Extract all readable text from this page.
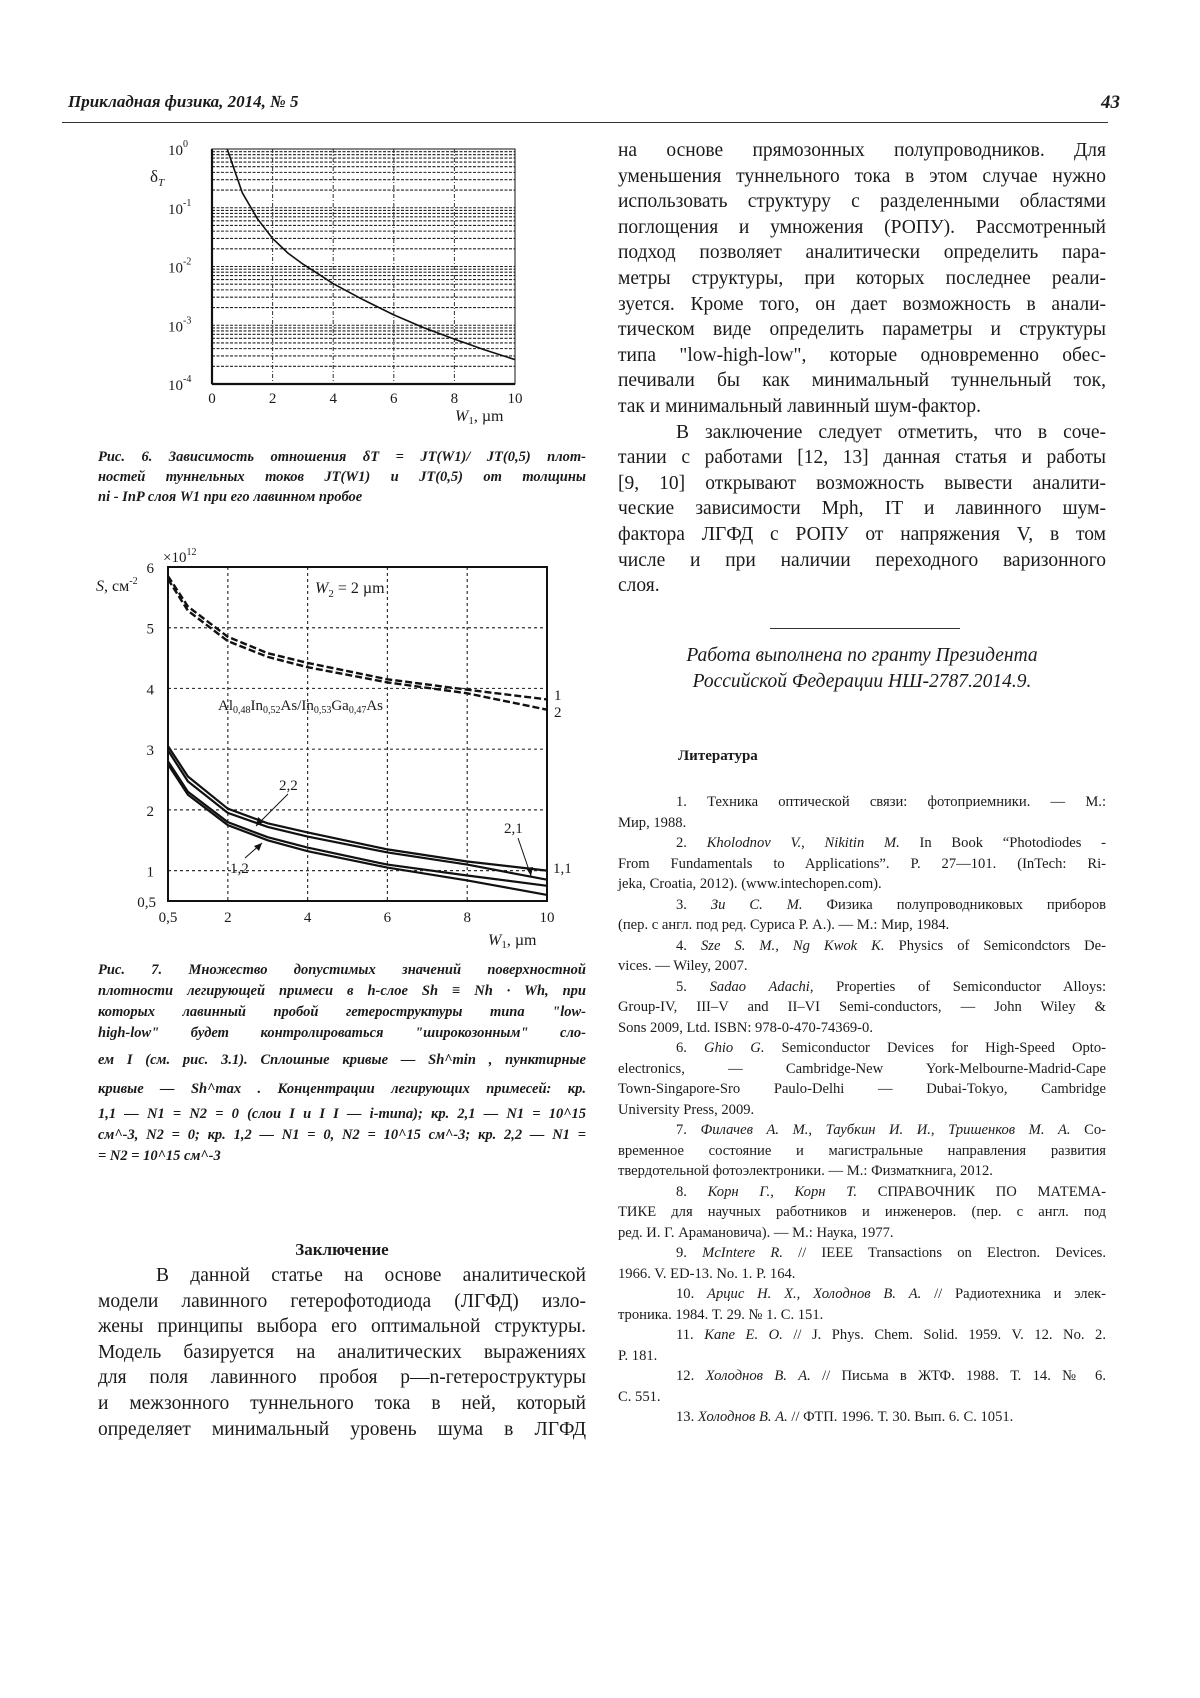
Прикладная физика, 2014, № 5	43
$\delta_T$
$10^0$
$10^{-1}$
$10^{-2}$
$10^{-3}$
$10^{-4}$
0	2	4	6	8	10
W1, µm
Рис. 6. Зависимость отношения δT = JT(W1)/ JT(0,5) плот-
ностей туннельных токов JT(W1) и JT(0,5) от толщины
ni - InP слоя W1 при его лавинном пробое
$\times 10^{12}$
S, $см^{-2}$
6
5
4
3
2
1
0,5
0,5	2	4	6	8	10
$W_2 = 2$ µm
$Al_{0,48}In_{0,52}As/In_{0,53}Ga_{0,47}As$
1
2
2,2
2,1
1,2	1,1
W1, µm
Рис. 7. Множество допустимых значений поверхностной
плотности легирующей примеси в h-слое Sh ≡ Nh · Wh, при
которых лавинный пробой гетероструктуры типа "low-
high-low" будет контролироваться "широкозонным" сло-
ем I (см. рис. 3.1). Сплошные кривые — Sh^min , пунктирные
кривые — Sh^max . Концентрации легирующих примесей: кр.
1,1 — N1 = N2 = 0 (слои I и I I — i-типа); кр. 2,1 — N1 = 10^15
см^-3, N2 = 0; кр. 1,2 — N1 = 0, N2 = 10^15 см^-3; кр. 2,2 — N1 =
= N2 = 10^15 см^-3
Заключение
В данной статье на основе аналитической
модели лавинного гетерофотодиода (ЛГФД) изло-
жены принципы выбора его оптимальной структуры.
Модель базируется на аналитических выражениях
для поля лавинного пробоя p—n-гетероструктуры
и межзонного туннельного тока в ней, который
определяет минимальный уровень шума в ЛГФД
на основе прямозонных полупроводников. Для
уменьшения туннельного тока в этом случае нужно
использовать структуру с разделенными областями
поглощения и умножения (РОПУ). Рассмотренный
подход позволяет аналитически определить пара-
метры структуры, при которых последнее реали-
зуется. Кроме того, он дает возможность в анали-
тическом виде определить параметры и структуры
типа "low-high-low", которые одновременно обес-
печивали бы как минимальный туннельный ток,
так и минимальный лавинный шум-фактор.
В заключение следует отметить, что в соче-
тании с работами [12, 13] данная статья и работы
[9, 10] открывают возможность вывести аналити-
ческие зависимости Mph, IT и лавинного шум-
фактора ЛГФД с РОПУ от напряжения V, в том
числе и при наличии переходного варизонного
слоя.
Работа выполнена по гранту Президента
Российской Федерации НШ-2787.2014.9.
Литература
1. Техника оптической связи: фотоприемники. — М.:
Мир, 1988.
2. Kholodnov V., Nikitin M. In Book “Photodiodes -
From Fundamentals to Applications”. P. 27—101. (InTech: Ri-
jeka, Croatia, 2012). (www.intechopen.com).
3. Зи С. М. Физика полупроводниковых приборов
(пер. с англ. под ред. Суриса Р. А.). — М.: Мир, 1984.
4. Sze S. M., Ng Kwok K. Physics of Semicondctors De-
vices. — Wiley, 2007.
5. Sadao Adachi, Properties of Semiconductor Alloys:
Group-IV, III–V and II–VI Semi-conductors, — John Wiley &
Sons 2009, Ltd. ISBN: 978-0-470-74369-0.
6. Ghio G. Semiconductor Devices for High-Speed Opto-
electronics, — Cambridge-New York-Melbourne-Madrid-Cape
Town-Singapore-Sro Paulo-Delhi — Dubai-Tokyo, Cambridge
University Press, 2009.
7. Филачев А. М., Таубкин И. И., Тришенков М. А. Со-
временное состояние и магистральные направления развития
твердотельной фотоэлектроники. — М.: Физматкнига, 2012.
8. Корн Г., Корн Т. СПРАВОЧНИК ПО МАТЕМА-
ТИКЕ для научных работников и инженеров. (пер. с англ. под
ред. И. Г. Арамановича). — М.: Наука, 1977.
9. McIntere R. // IEEE Transactions on Electron. Devices.
1966. V. ED-13. No. 1. P. 164.
10. Арцис Н. Х., Холоднов В. А. // Радиотехника и элек-
троника. 1984. Т. 29. № 1. С. 151.
11. Kane E. O. // J. Phys. Chem. Solid. 1959. V. 12. No. 2.
P. 181.
12. Холоднов В. А. // Письма в ЖТФ. 1988. Т. 14. № 6.
С. 551.
13. Холоднов В. А. // ФТП. 1996. Т. 30. Вып. 6. С. 1051.
